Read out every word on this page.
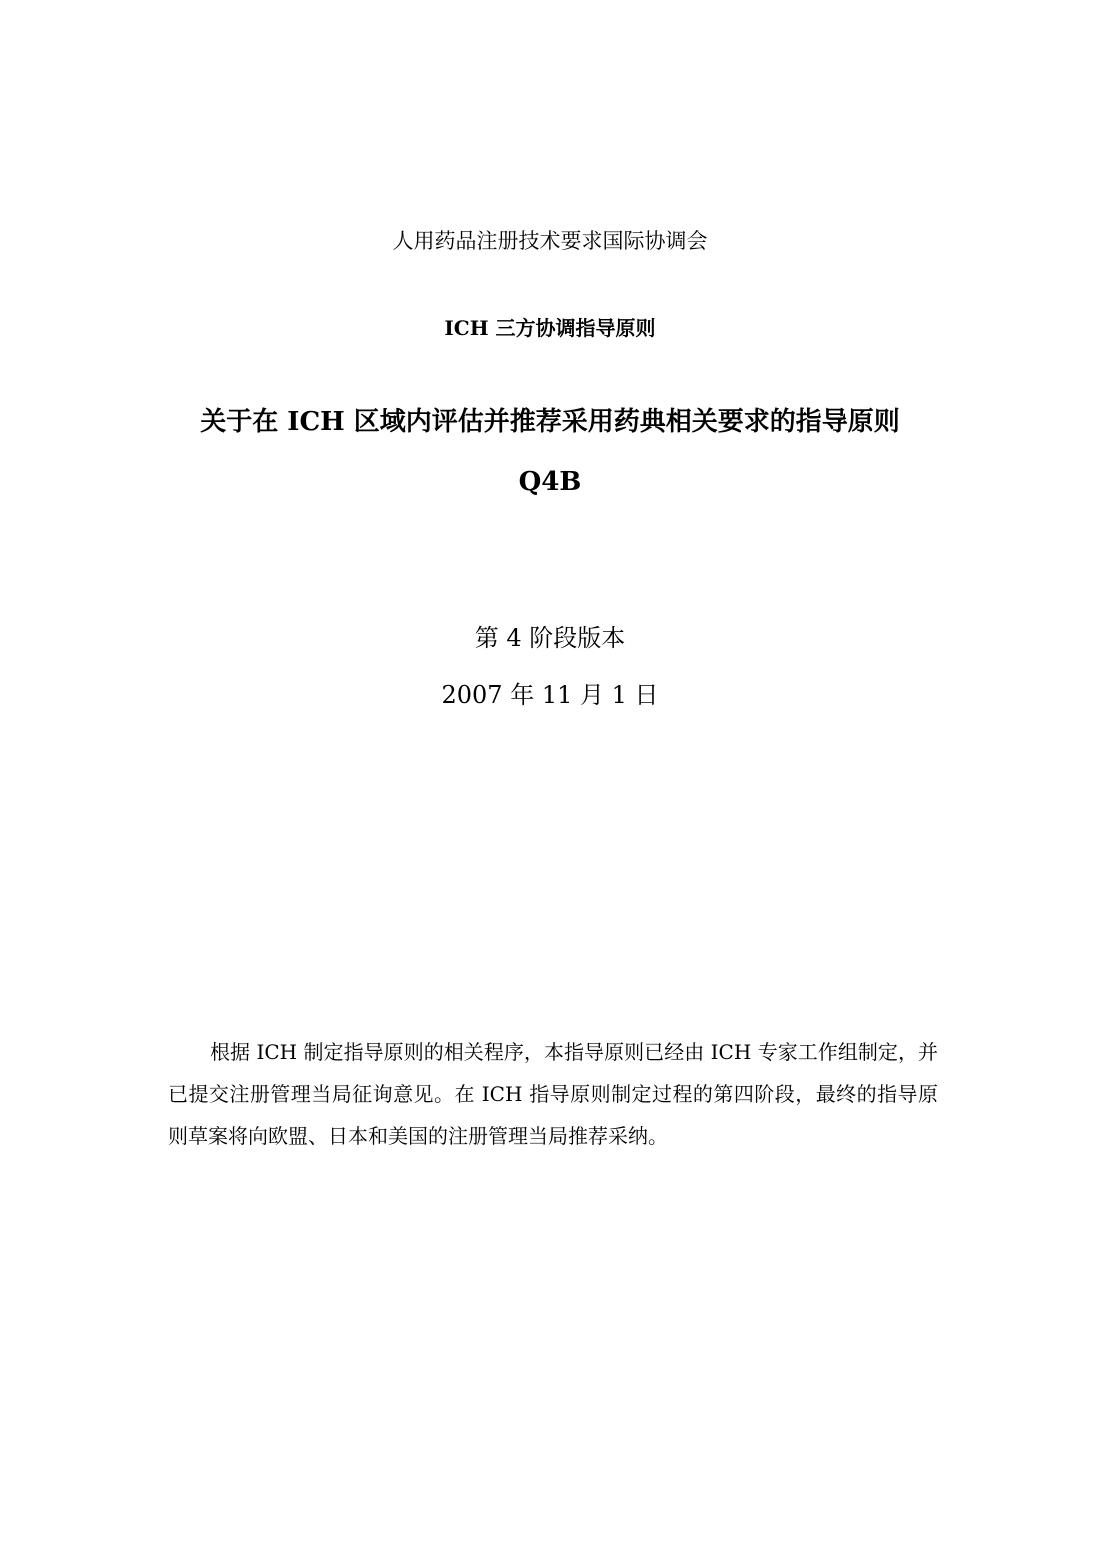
人用药品注册技术要求国际协调会
ICH 三方协调指导原则
关于在 ICH 区域内评估并推荐采用药典相关要求的指导原则
Q4B
第 4 阶段版本
2007 年 11 月 1 日

根据 ICH 制定指导原则的相关程序，本指导原则已经由 ICH 专家工作组制定，并已提交注册管理当局征询意见。在 ICH 指导原则制定过程的第四阶段，最终的指导原则草案将向欧盟、日本和美国的注册管理当局推荐采纳。
